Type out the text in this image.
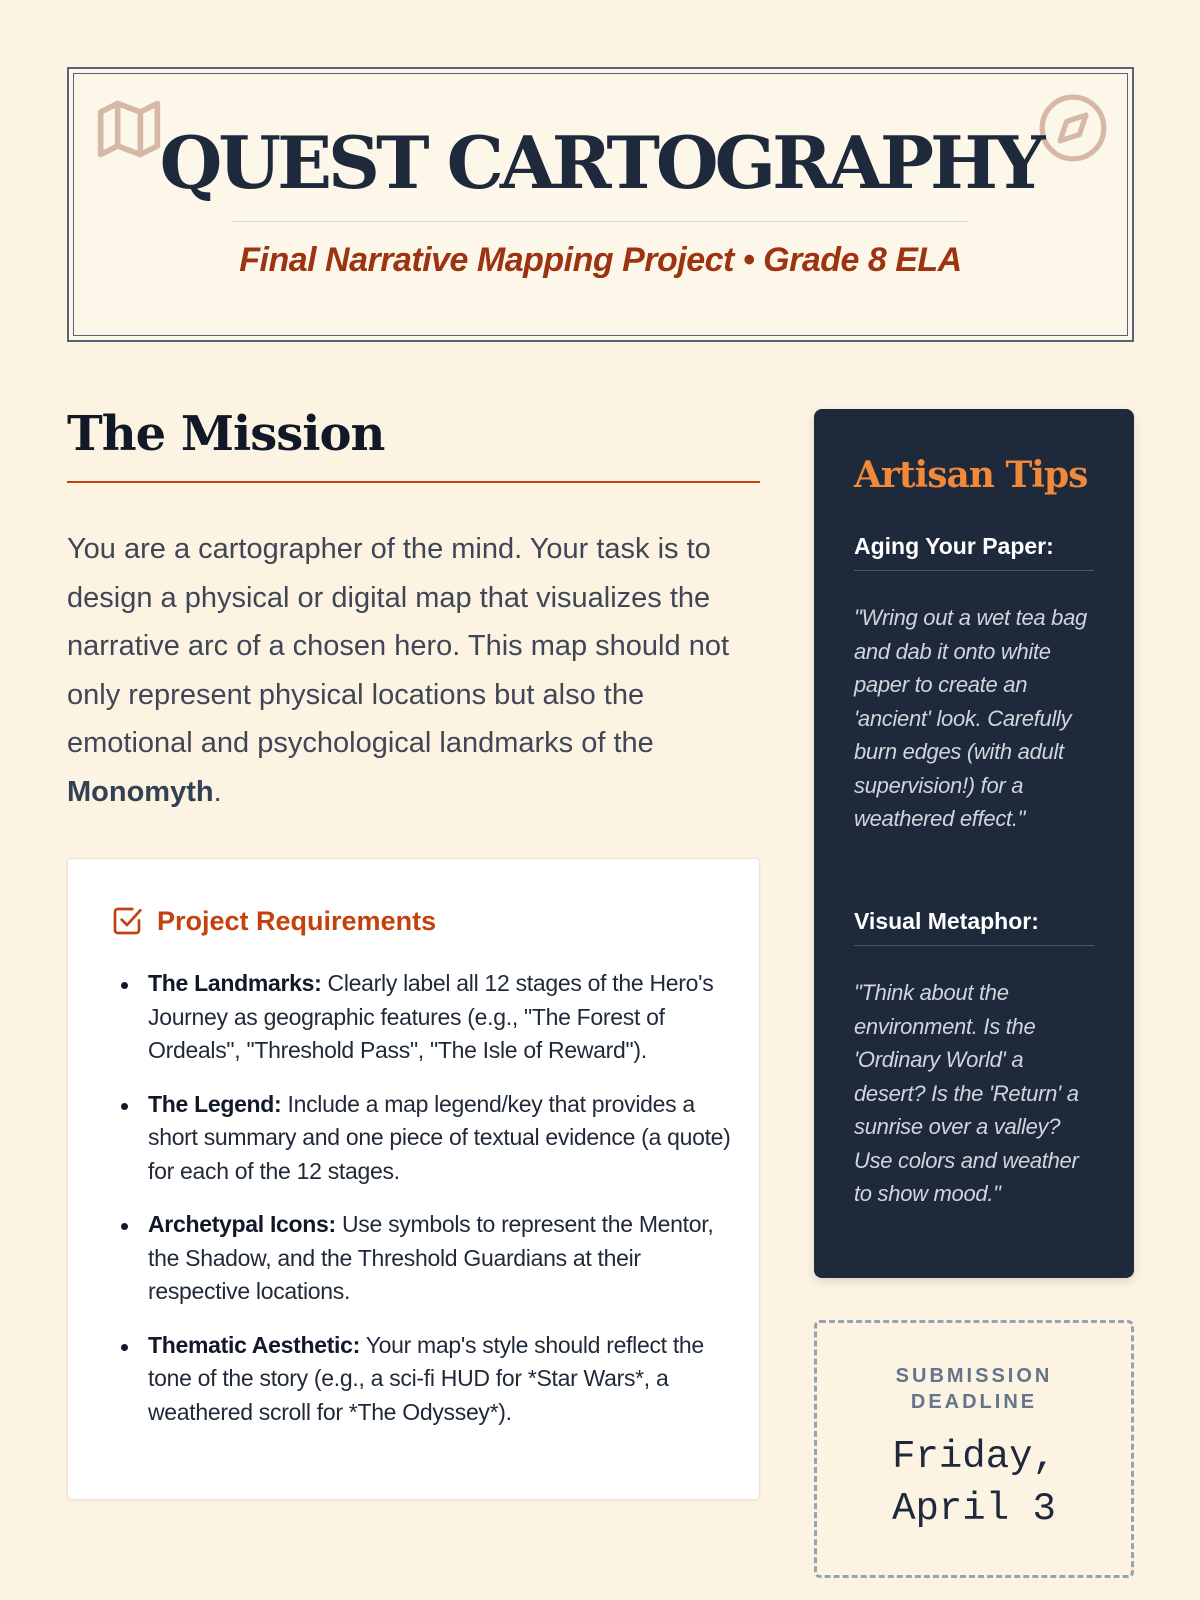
QUEST CARTOGRAPHY
Final Narrative Mapping Project • Grade 8 ELA
The Mission

You are a cartographer of the mind. Your task is to design a physical or digital map that visualizes the narrative arc of a chosen hero. This map should not only represent physical locations but also the emotional and psychological landmarks of the Monomyth.

Project Requirements
The Landmarks: Clearly label all 12 stages of the Hero's Journey as geographic features (e.g., "The Forest of Ordeals", "Threshold Pass", "The Isle of Reward").
The Legend: Include a map legend/key that provides a short summary and one piece of textual evidence (a quote) for each of the 12 stages.
Archetypal Icons: Use symbols to represent the Mentor, the Shadow, and the Threshold Guardians at their respective locations.
Thematic Aesthetic: Your map's style should reflect the tone of the story (e.g., a sci-fi HUD for *Star Wars*, a weathered scroll for *The Odyssey*).
Artisan Tips
Aging Your Paper:
"Wring out a wet tea bag and dab it onto white paper to create an 'ancient' look. Carefully burn edges (with adult supervision!) for a weathered effect."
Visual Metaphor:
"Think about the environment. Is the 'Ordinary World' a desert? Is the 'Return' a sunrise over a valley? Use colors and weather to show mood."
SUBMISSION DEADLINE
Friday, April 3
